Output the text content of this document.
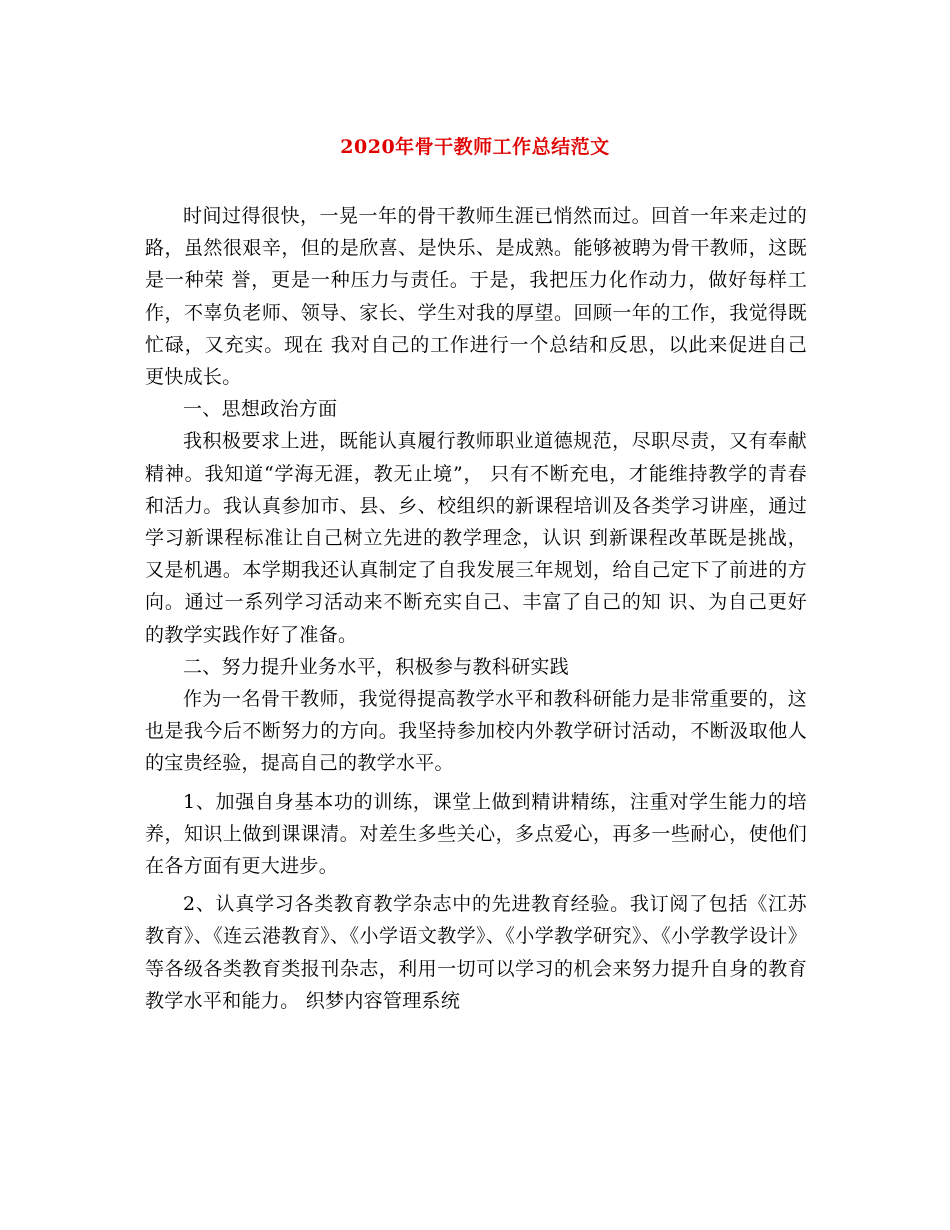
2020年骨干教师工作总结范文

时间过得很快，一晃一年的骨干教师生涯已悄然而过。回首一年来走过的路，虽然很艰辛，但的是欣喜、是快乐、是成熟。能够被聘为骨干教师，这既是一种荣 誉，更是一种压力与责任。于是，我把压力化作动力，做好每样工作，不辜负老师、领导、家长、学生对我的厚望。回顾一年的工作，我觉得既忙碌，又充实。现在 我对自己的工作进行一个总结和反思，以此来促进自己更快成长。

一、思想政治方面

我积极要求上进，既能认真履行教师职业道德规范，尽职尽责，又有奉献精神。我知道“学海无涯，教无止境”， 只有不断充电，才能维持教学的青春和活力。我认真参加市、县、乡、校组织的新课程培训及各类学习讲座，通过学习新课程标准让自己树立先进的教学理念，认识 到新课程改革既是挑战，又是机遇。本学期我还认真制定了自我发展三年规划，给自己定下了前进的方向。通过一系列学习活动来不断充实自己、丰富了自己的知 识、为自己更好的教学实践作好了准备。

二、努力提升业务水平，积极参与教科研实践

作为一名骨干教师，我觉得提高教学水平和教科研能力是非常重要的，这也是我今后不断努力的方向。我坚持参加校内外教学研讨活动，不断汲取他人的宝贵经验，提高自己的教学水平。

1、加强自身基本功的训练，课堂上做到精讲精练，注重对学生能力的培养，知识上做到课课清。对差生多些关心，多点爱心，再多一些耐心，使他们在各方面有更大进步。

2、认真学习各类教育教学杂志中的先进教育经验。我订阅了包括《江苏教育》、《连云港教育》、《小学语文教学》、《小学教学研究》、《小学教学设计》等各级各类教育类报刊杂志，利用一切可以学习的机会来努力提升自身的教育教学水平和能力。 织梦内容管理系统
